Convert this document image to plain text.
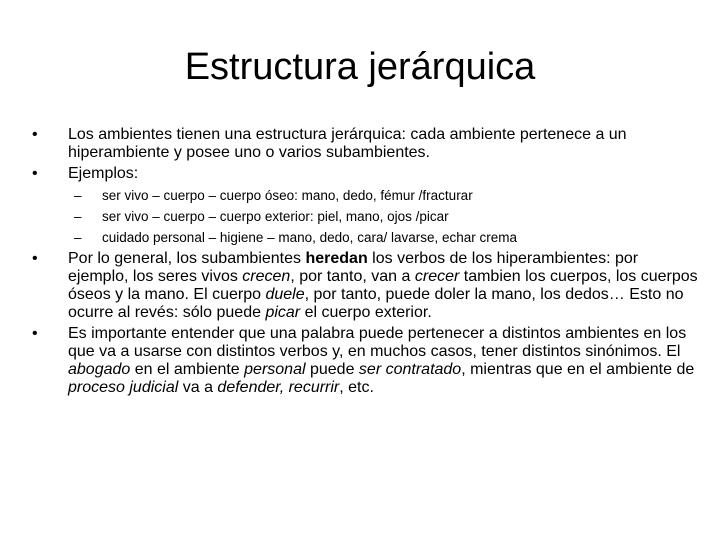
Estructura jerárquica
•	Los ambientes tienen una estructura jerárquica: cada ambiente pertenece a un hiperambiente y posee uno o varios subambientes.
•	Ejemplos:
–	ser vivo – cuerpo – cuerpo óseo: mano, dedo, fémur /fracturar
–	ser vivo – cuerpo – cuerpo exterior: piel, mano, ojos /picar
–	cuidado personal – higiene – mano, dedo, cara/ lavarse, echar crema
•	Por lo general, los subambientes heredan los verbos de los hiperambientes: por ejemplo, los seres vivos crecen, por tanto, van a crecer tambien los cuerpos, los cuerpos óseos y la mano. El cuerpo duele, por tanto, puede doler la mano, los dedos… Esto no ocurre al revés: sólo puede picar el cuerpo exterior.
•	Es importante entender que una palabra puede pertenecer a distintos ambientes en los que va a usarse con distintos verbos y, en muchos casos, tener distintos sinónimos. El abogado en el ambiente personal puede ser contratado, mientras que en el ambiente de proceso judicial va a defender, recurrir, etc.
